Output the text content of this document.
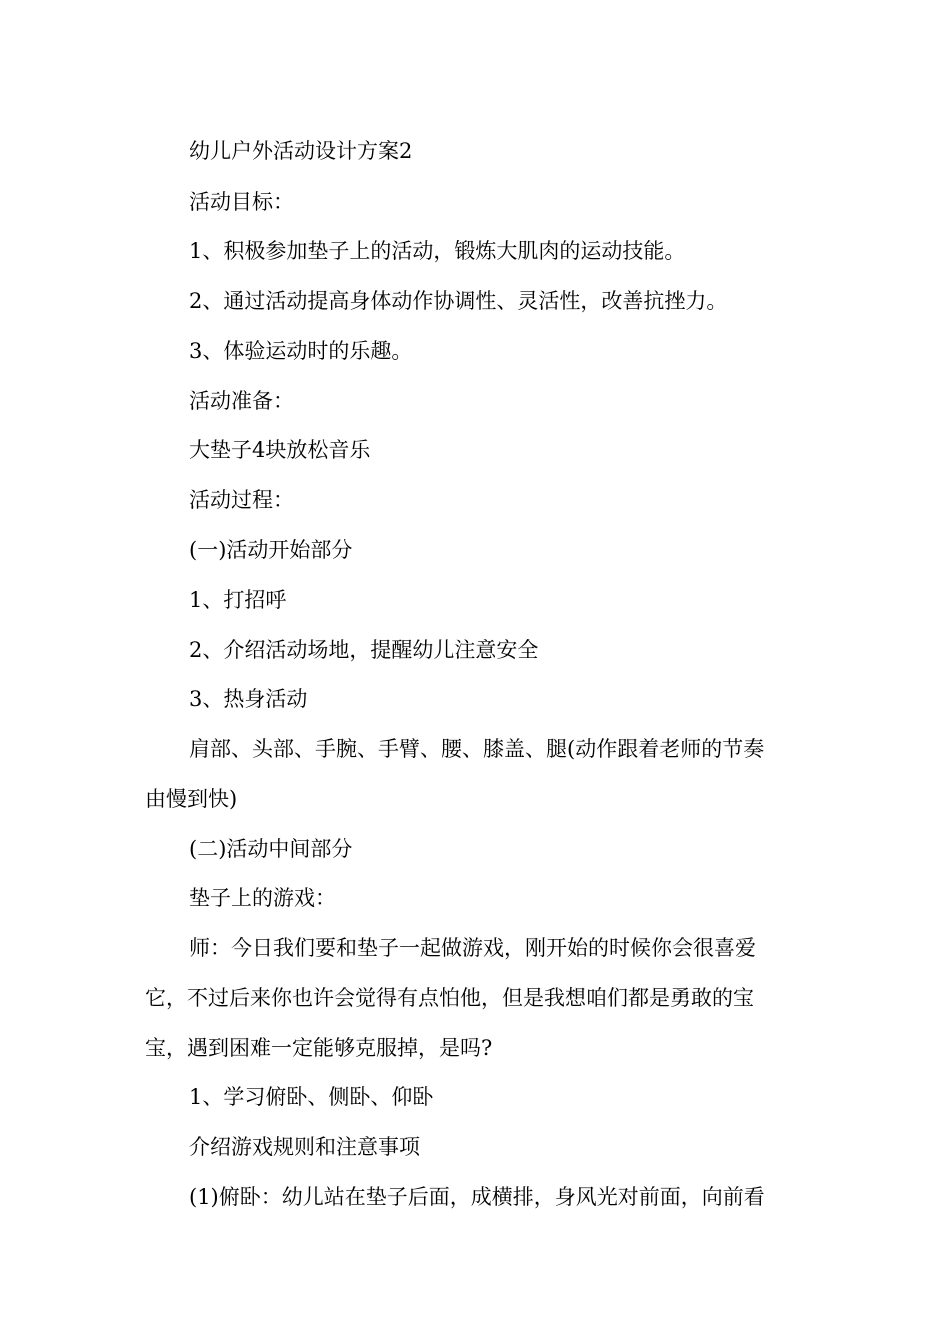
幼儿户外活动设计方案2
活动目标：
1、积极参加垫子上的活动，锻炼大肌肉的运动技能。
2、通过活动提高身体动作协调性、灵活性，改善抗挫力。
3、体验运动时的乐趣。
活动准备：
大垫子4块放松音乐
活动过程：
(一)活动开始部分
1、打招呼
2、介绍活动场地，提醒幼儿注意安全
3、热身活动
肩部、头部、手腕、手臂、腰、膝盖、腿(动作跟着老师的节奏
由慢到快)
(二)活动中间部分
垫子上的游戏：
师：今日我们要和垫子一起做游戏，刚开始的时候你会很喜爱
它，不过后来你也许会觉得有点怕他，但是我想咱们都是勇敢的宝
宝，遇到困难一定能够克服掉，是吗?
1、学习俯卧、侧卧、仰卧
介绍游戏规则和注意事项
(1)俯卧：幼儿站在垫子后面，成横排，身风光对前面，向前看
